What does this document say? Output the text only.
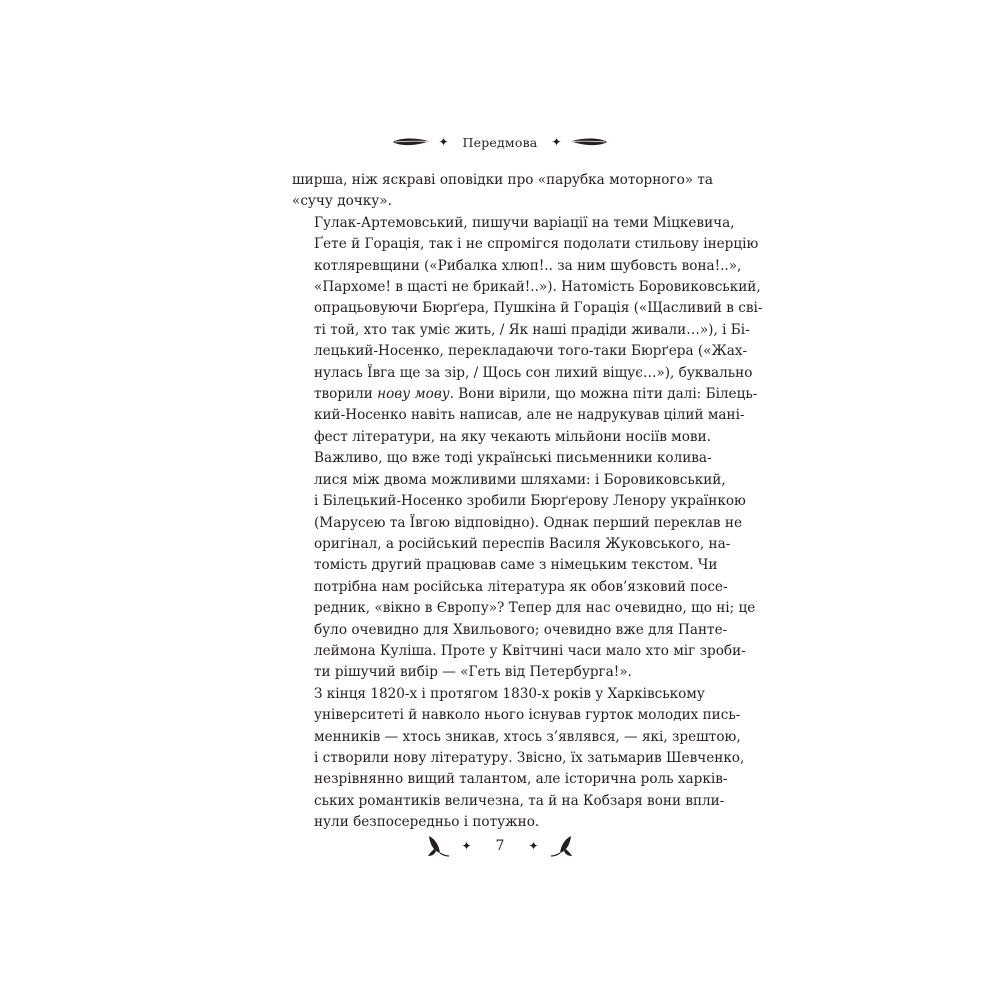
✦ Передмова ✦

ширша, ніж яскраві оповідки про «парубка моторного» та
«сучу дочку».

Гулак-Артемовський, пишучи варіації на теми Міцкевича,
Ґете й Горація, так і не спромігся подолати стильову інерцію
котляревщини («Рибалка хлюп!.. за ним шубовсть вона!..»,
«Пархоме! в щасті не брикай!..»). Натомість Боровиковський,
опрацьовуючи Бюрґера, Пушкіна й Горація («Щасливий в сві-
ті той, хто так уміє жить, / Як наші прадіди живали…»), і Бі-
лецький-Носенко, перекладаючи того-таки Бюрґера («Жах-
нулась Ївга ще за зір, / Щось сон лихий віщує…»), буквально
творили нову мову. Вони вірили, що можна піти далі: Білець-
кий-Носенко навіть написав, але не надрукував цілий мані-
фест літератури, на яку чекають мільйони носіїв мови.

Важливо, що вже тоді українські письменники колива-
лися між двома можливими шляхами: і Боровиковський,
і Білецький-Носенко зробили Бюрґерову Ленору українкою
(Марусею та Ївгою відповідно). Однак перший переклав не
оригінал, а російський переспів Василя Жуковського, на-
томість другий працював саме з німецьким текстом. Чи
потрібна нам російська література як обов’язковий посе-
редник, «вікно в Європу»? Тепер для нас очевидно, що ні; це
було очевидно для Хвильового; очевидно вже для Панте-
леймона Куліша. Проте у Квітчині часи мало хто міг зроби-
ти рішучий вибір — «Геть від Петербурга!».

З кінця 1820-х і протягом 1830-х років у Харківському
університеті й навколо нього існував гурток молодих пись-
менників — хтось зникав, хтось з’являвся, — які, зрештою,
і створили нову літературу. Звісно, їх затьмарив Шевченко,
незрівнянно вищий талантом, але історична роль харків-
ських романтиків величезна, та й на Кобзаря вони впли-
нули безпосередньо і потужно.

✦ 7 ✦
